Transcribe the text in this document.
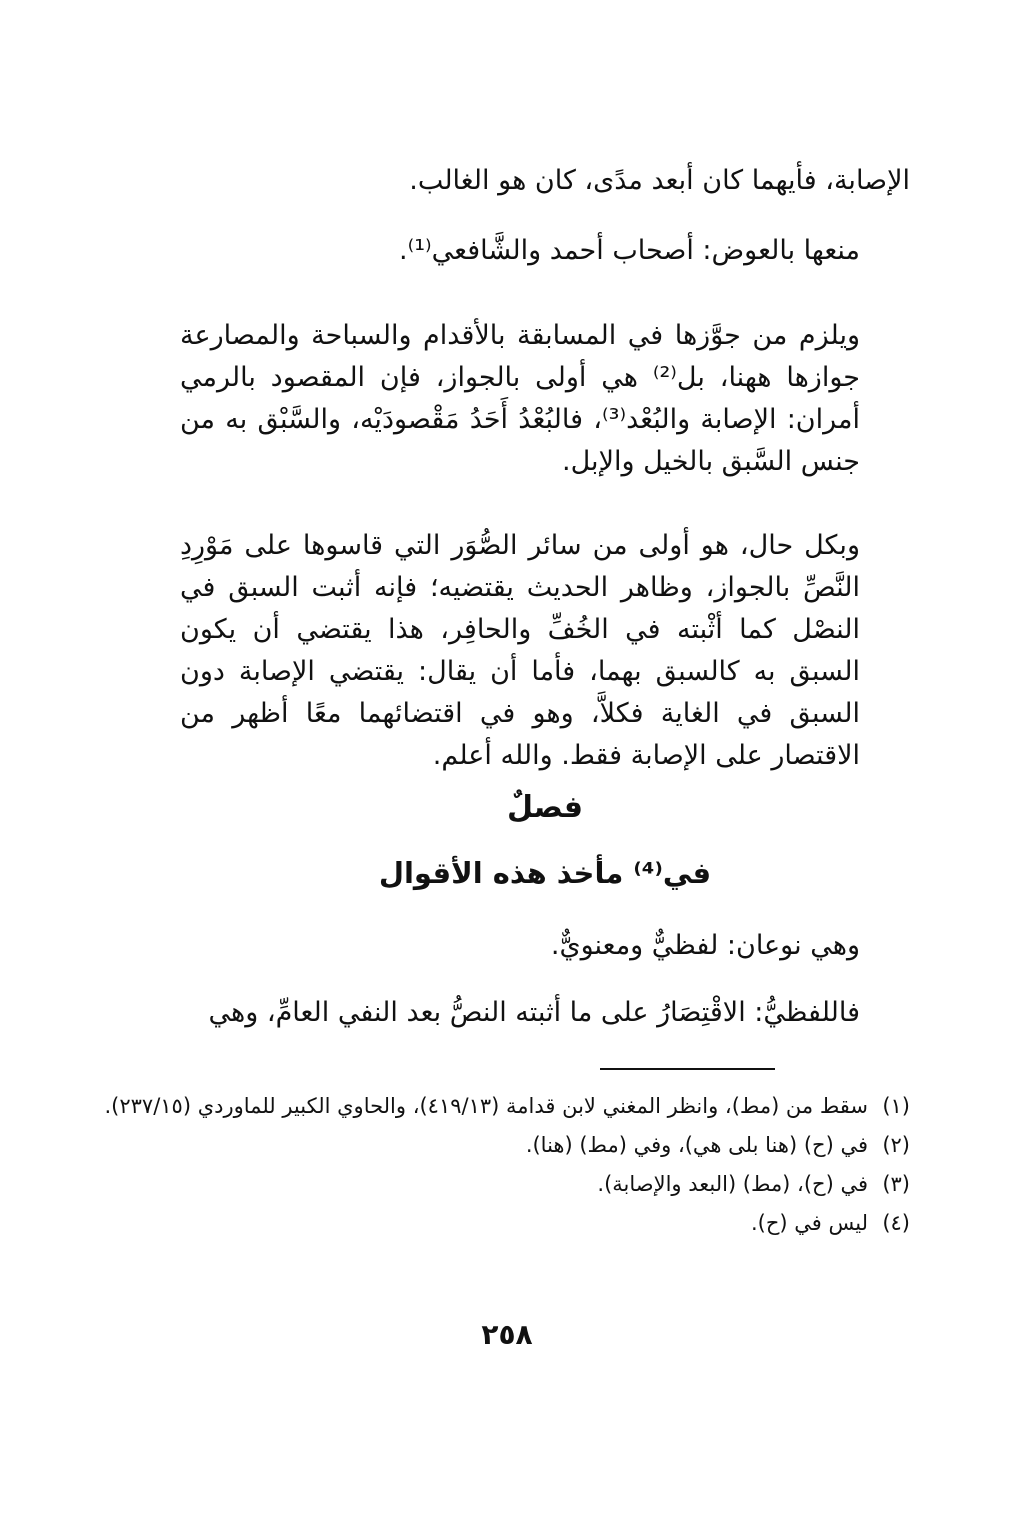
الإصابة، فأيهما كان أبعد مدًى، كان هو الغالب.

منعها بالعوض: أصحاب أحمد والشَّافعي⁽¹⁾.

ويلزم من جوَّزها في المسابقة بالأقدام والسباحة والمصارعة جوازها ههنا، بل⁽²⁾ هي أولى بالجواز، فإن المقصود بالرمي أمران: الإصابة والبُعْد⁽³⁾، فالبُعْدُ أَحَدُ مَقْصودَيْه، والسَّبْق به من جنس السَّبق بالخيل والإبل.

وبكل حال، هو أولى من سائر الصُّوَر التي قاسوها على مَوْرِدِ النَّصِّ بالجواز، وظاهر الحديث يقتضيه؛ فإنه أثبت السبق في النصْل كما أثْبته في الخُفِّ والحافِر، هذا يقتضي أن يكون السبق به كالسبق بهما، فأما أن يقال: يقتضي الإصابة دون السبق في الغاية فكلاَّ، وهو في اقتضائهما معًا أظهر من الاقتصار على الإصابة فقط. والله أعلم.

فصلٌ
في⁽⁴⁾ مأخذ هذه الأقوال

وهي نوعان: لفظيٌّ ومعنويٌّ.

فاللفظيُّ: الاقْتِصَارُ على ما أثبته النصُّ بعد النفي العامِّ، وهي

(١)
سقط من (مط)، وانظر المغني لابن قدامة (٤١٩/١٣)، والحاوي الكبير للماوردي (٢٣٧/١٥).
(٢)
في (ح) (هنا بلى هي)، وفي (مط) (هنا).
(٣)
في (ح)، (مط) (البعد والإصابة).
(٤)
ليس في (ح).
٢٥٨
